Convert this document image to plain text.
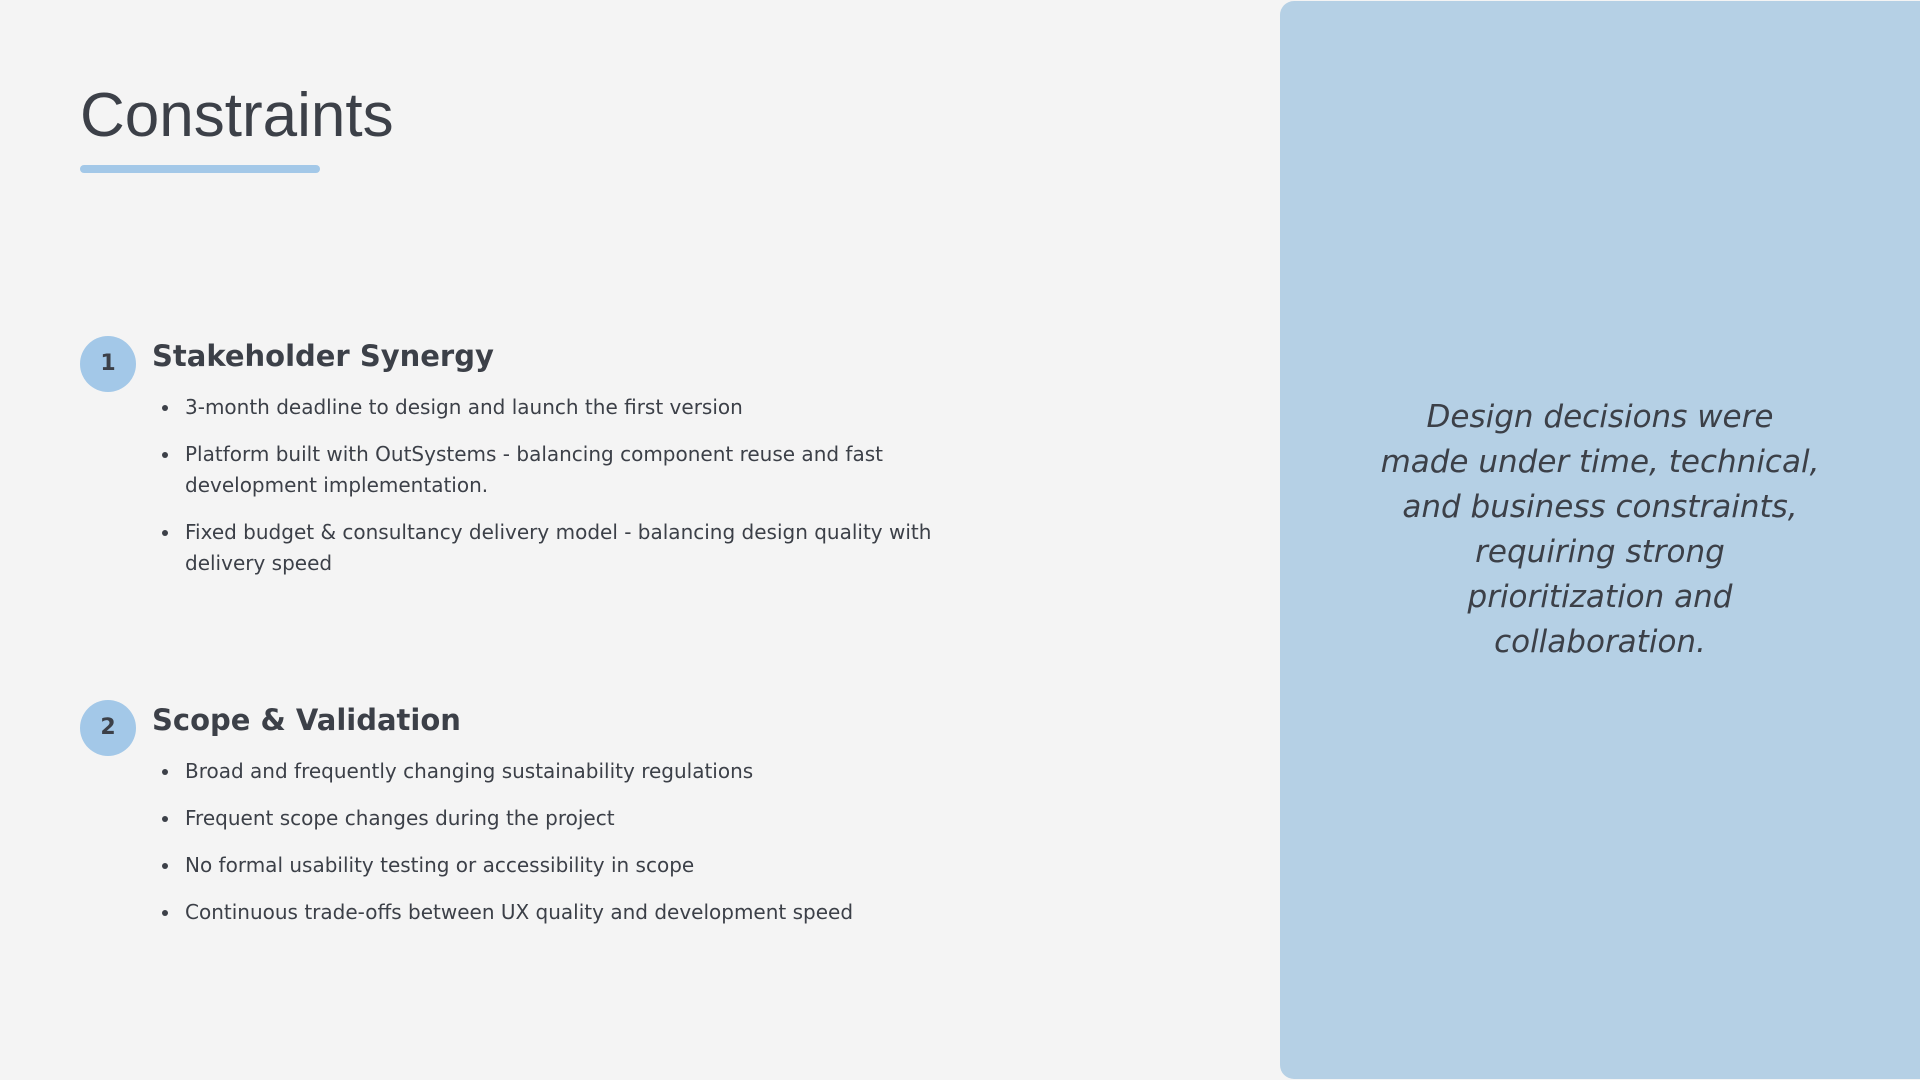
Constraints
1	Stakeholder Synergy
3-month deadline to design and launch the first version
Platform built with OutSystems - balancing component reuse and fast development implementation.
Fixed budget & consultancy delivery model - balancing design quality with delivery speed
2	Scope & Validation
Broad and frequently changing sustainability regulations
Frequent scope changes during the project
No formal usability testing or accessibility in scope
Continuous trade-offs between UX quality and development speed

Design decisions were made under time, technical, and business constraints, requiring strong prioritization and collaboration.
